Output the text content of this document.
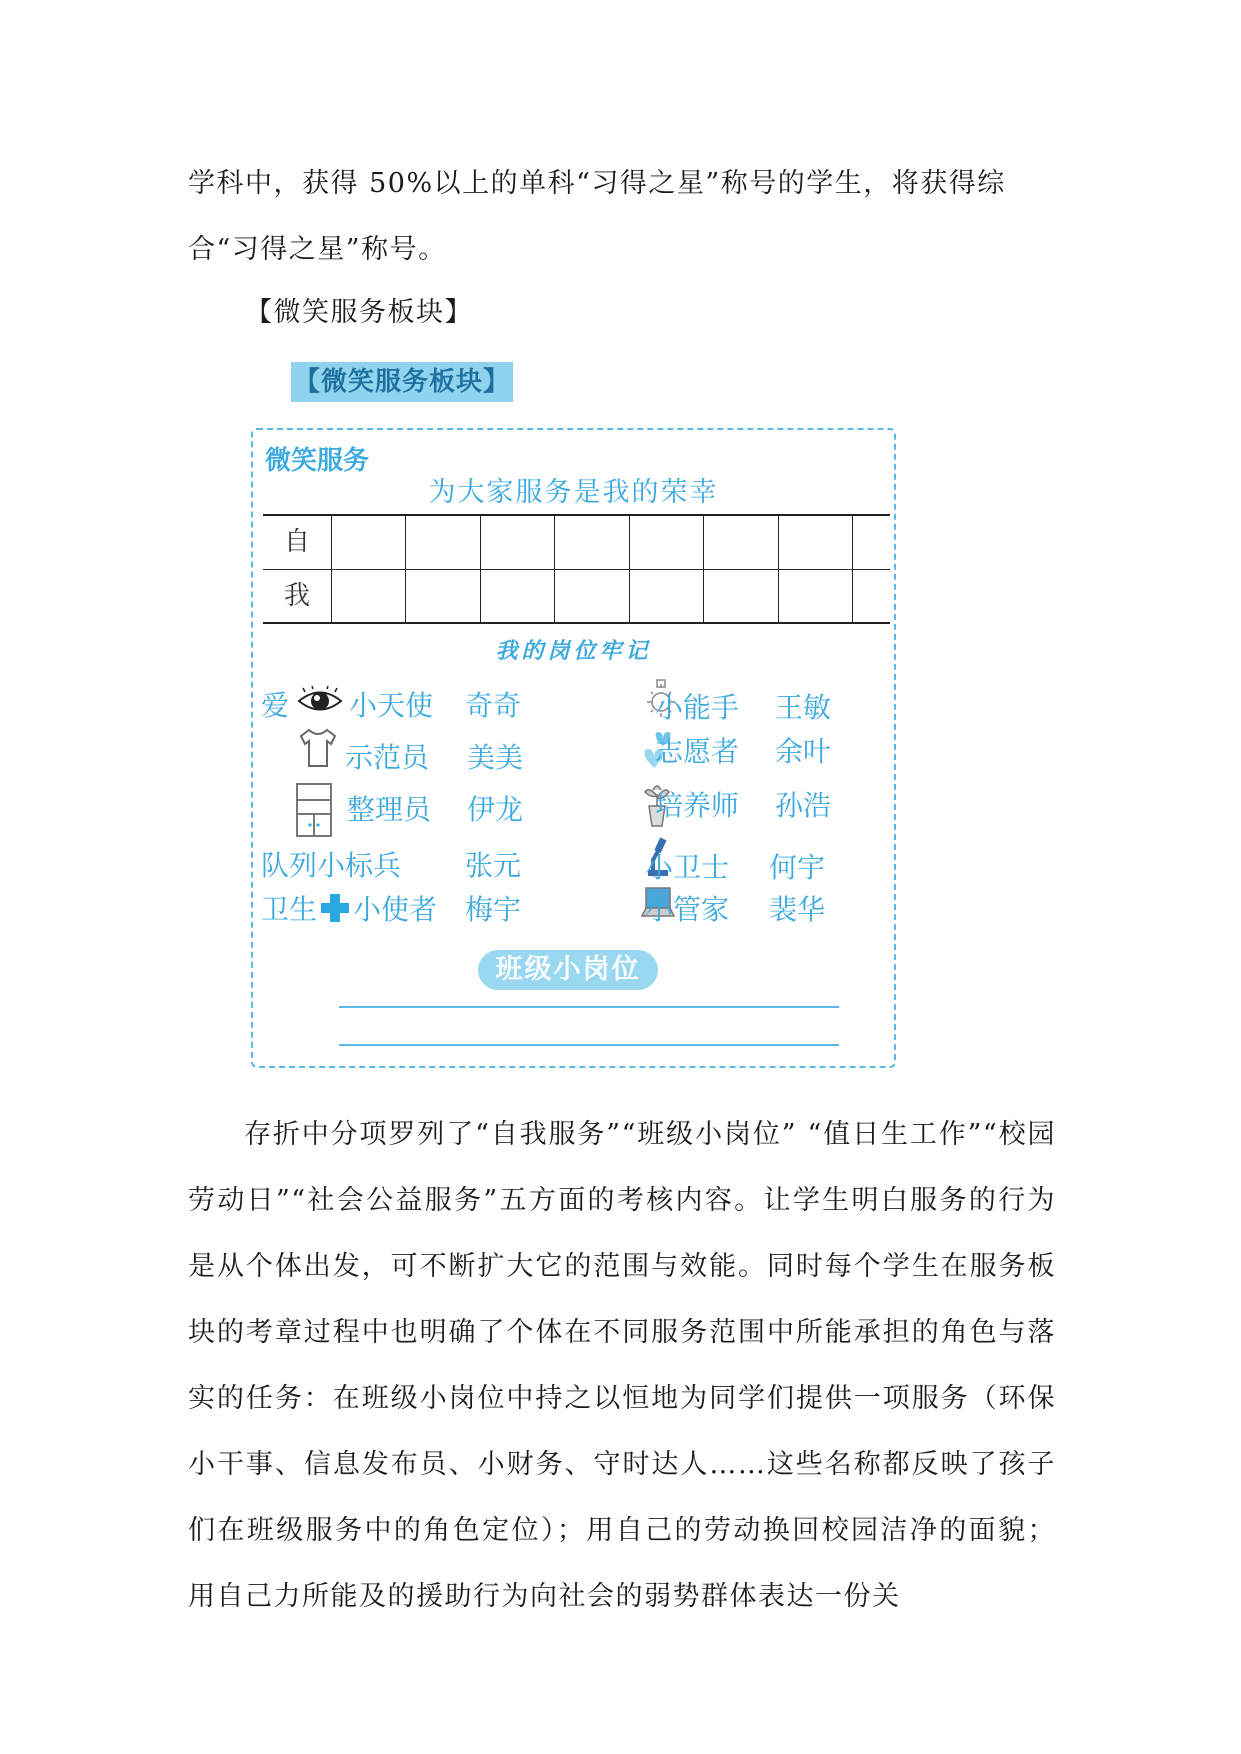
学科中，获得 50%以上的单科“习得之星”称号的学生，将获得综合“习得之星”称号。

【微笑服务板块】

【微笑服务板块】
微笑服务
为大家服务是我的荣幸
自								
我								
我的岗位牢记
爱 小天使 奇奇
示范员 美美
整理员 伊龙
队列小标兵 张元
卫生 小使者 梅宇
小能手 王敏
志愿者 余叶
培养师 孙浩
小卫士 何宇
小管家 裴华
班级小岗位

存折中分项罗列了“自我服务”“班级小岗位” “值日生工作”“校园劳动日”“社会公益服务”五方面的考核内容。让学生明白服务的行为是从个体出发，可不断扩大它的范围与效能。同时每个学生在服务板块的考章过程中也明确了个体在不同服务范围中所能承担的角色与落实的任务：在班级小岗位中持之以恒地为同学们提供一项服务（环保小干事、信息发布员、小财务、守时达人……这些名称都反映了孩子们在班级服务中的角色定位）；用自己的劳动换回校园洁净的面貌；用自己力所能及的援助行为向社会的弱势群体表达一份关
